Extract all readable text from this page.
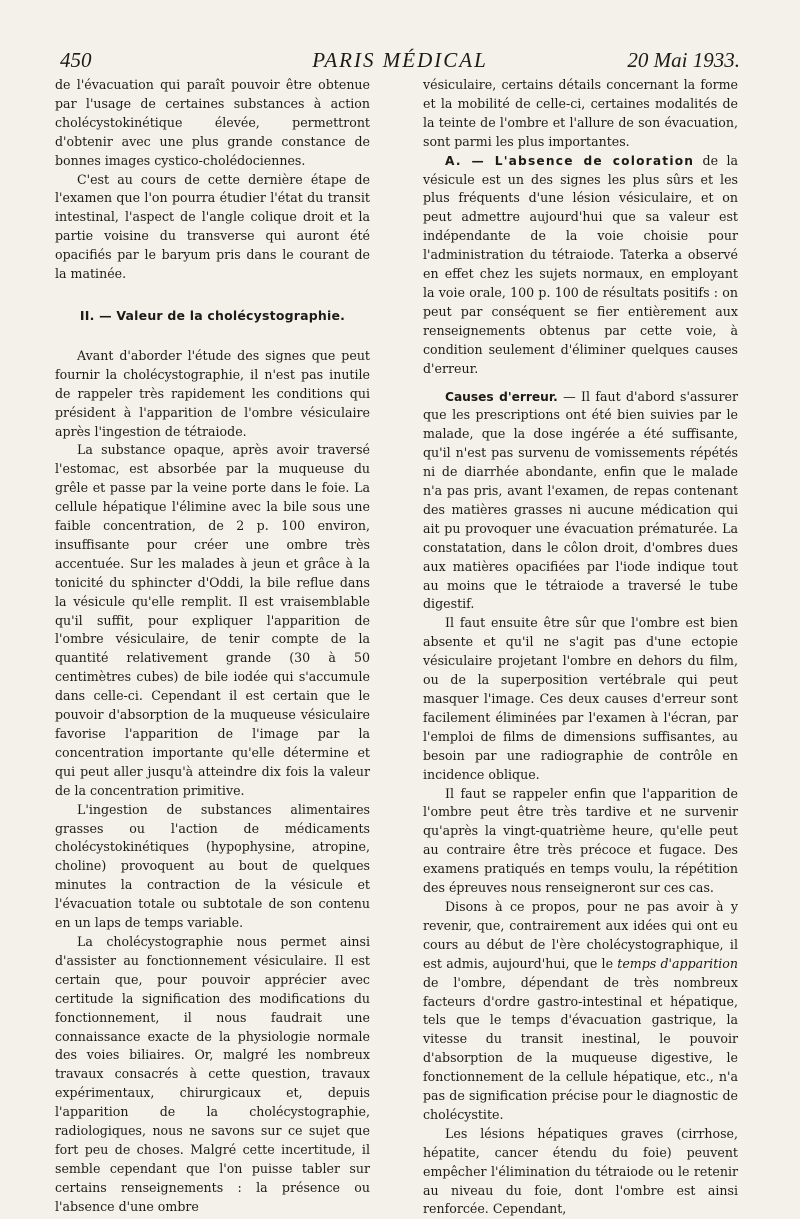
450	PARIS MÉDICAL	20 Mai 1933.

de l'évacuation qui paraît pouvoir être obtenue par l'usage de certaines substances à action cholécystokinétique élevée, permettront d'obtenir avec une plus grande constance de bonnes images cystico-cholédociennes.

C'est au cours de cette dernière étape de l'examen que l'on pourra étudier l'état du transit intestinal, l'aspect de l'angle colique droit et la partie voisine du transverse qui auront été opacifiés par le baryum pris dans le courant de la matinée.

II. — Valeur de la cholécystographie.

Avant d'aborder l'étude des signes que peut fournir la cholécystographie, il n'est pas inutile de rappeler très rapidement les conditions qui président à l'apparition de l'ombre vésiculaire après l'ingestion de tétraiode.

La substance opaque, après avoir traversé l'estomac, est absorbée par la muqueuse du grêle et passe par la veine porte dans le foie. La cellule hépatique l'élimine avec la bile sous une faible concentration, de 2 p. 100 environ, insuffisante pour créer une ombre très accentuée. Sur les malades à jeun et grâce à la tonicité du sphincter d'Oddi, la bile reflue dans la vésicule qu'elle remplit. Il est vraisemblable qu'il suffit, pour expliquer l'apparition de l'ombre vésiculaire, de tenir compte de la quantité relativement grande (30 à 50 centimètres cubes) de bile iodée qui s'accumule dans celle-ci. Cependant il est certain que le pouvoir d'absorption de la muqueuse vésiculaire favorise l'apparition de l'image par la concentration importante qu'elle détermine et qui peut aller jusqu'à atteindre dix fois la valeur de la concentration primitive.

L'ingestion de substances alimentaires grasses ou l'action de médicaments cholécystokinétiques (hypophysine, atropine, choline) provoquent au bout de quelques minutes la contraction de la vésicule et l'évacuation totale ou subtotale de son contenu en un laps de temps variable.

La cholécystographie nous permet ainsi d'assister au fonctionnement vésiculaire. Il est certain que, pour pouvoir apprécier avec certitude la signification des modifications du fonctionnement, il nous faudrait une connaissance exacte de la physiologie normale des voies biliaires. Or, malgré les nombreux travaux consacrés à cette question, travaux expérimentaux, chirurgicaux et, depuis l'apparition de la cholécystographie, radiologiques, nous ne savons sur ce sujet que fort peu de choses. Malgré cette incertitude, il semble cependant que l'on puisse tabler sur certains renseignements : la présence ou l'absence d'une ombre

vésiculaire, certains détails concernant la forme et la mobilité de celle-ci, certaines modalités de la teinte de l'ombre et l'allure de son évacuation, sont parmi les plus importantes.

A. — L'absence de coloration de la vésicule est un des signes les plus sûrs et les plus fréquents d'une lésion vésiculaire, et on peut admettre aujourd'hui que sa valeur est indépendante de la voie choisie pour l'administration du tétraiode. Taterka a observé en effet chez les sujets normaux, en employant la voie orale, 100 p. 100 de résultats positifs : on peut par conséquent se fier entièrement aux renseignements obtenus par cette voie, à condition seulement d'éliminer quelques causes d'erreur.

Causes d'erreur. — Il faut d'abord s'assurer que les prescriptions ont été bien suivies par le malade, que la dose ingérée a été suffisante, qu'il n'est pas survenu de vomissements répétés ni de diarrhée abondante, enfin que le malade n'a pas pris, avant l'examen, de repas contenant des matières grasses ni aucune médication qui ait pu provoquer une évacuation prématurée. La constatation, dans le côlon droit, d'ombres dues aux matières opacifiées par l'iode indique tout au moins que le tétraiode a traversé le tube digestif.

Il faut ensuite être sûr que l'ombre est bien absente et qu'il ne s'agit pas d'une ectopie vésiculaire projetant l'ombre en dehors du film, ou de la superposition vertébrale qui peut masquer l'image. Ces deux causes d'erreur sont facilement éliminées par l'examen à l'écran, par l'emploi de films de dimensions suffisantes, au besoin par une radiographie de contrôle en incidence oblique.

Il faut se rappeler enfin que l'apparition de l'ombre peut être très tardive et ne survenir qu'après la vingt-quatrième heure, qu'elle peut au contraire être très précoce et fugace. Des examens pratiqués en temps voulu, la répétition des épreuves nous renseigneront sur ces cas.

Disons à ce propos, pour ne pas avoir à y revenir, que, contrairement aux idées qui ont eu cours au début de l'ère cholécystographique, il est admis, aujourd'hui, que le temps d'apparition de l'ombre, dépendant de très nombreux facteurs d'ordre gastro-intestinal et hépatique, tels que le temps d'évacuation gastrique, la vitesse du transit inestinal, le pouvoir d'absorption de la muqueuse digestive, le fonctionnement de la cellule hépatique, etc., n'a pas de signification précise pour le diagnostic de cholécystite.

Les lésions hépatiques graves (cirrhose, hépatite, cancer étendu du foie) peuvent empêcher l'élimination du tétraiode ou le retenir au niveau du foie, dont l'ombre est ainsi renforcée. Cependant,
